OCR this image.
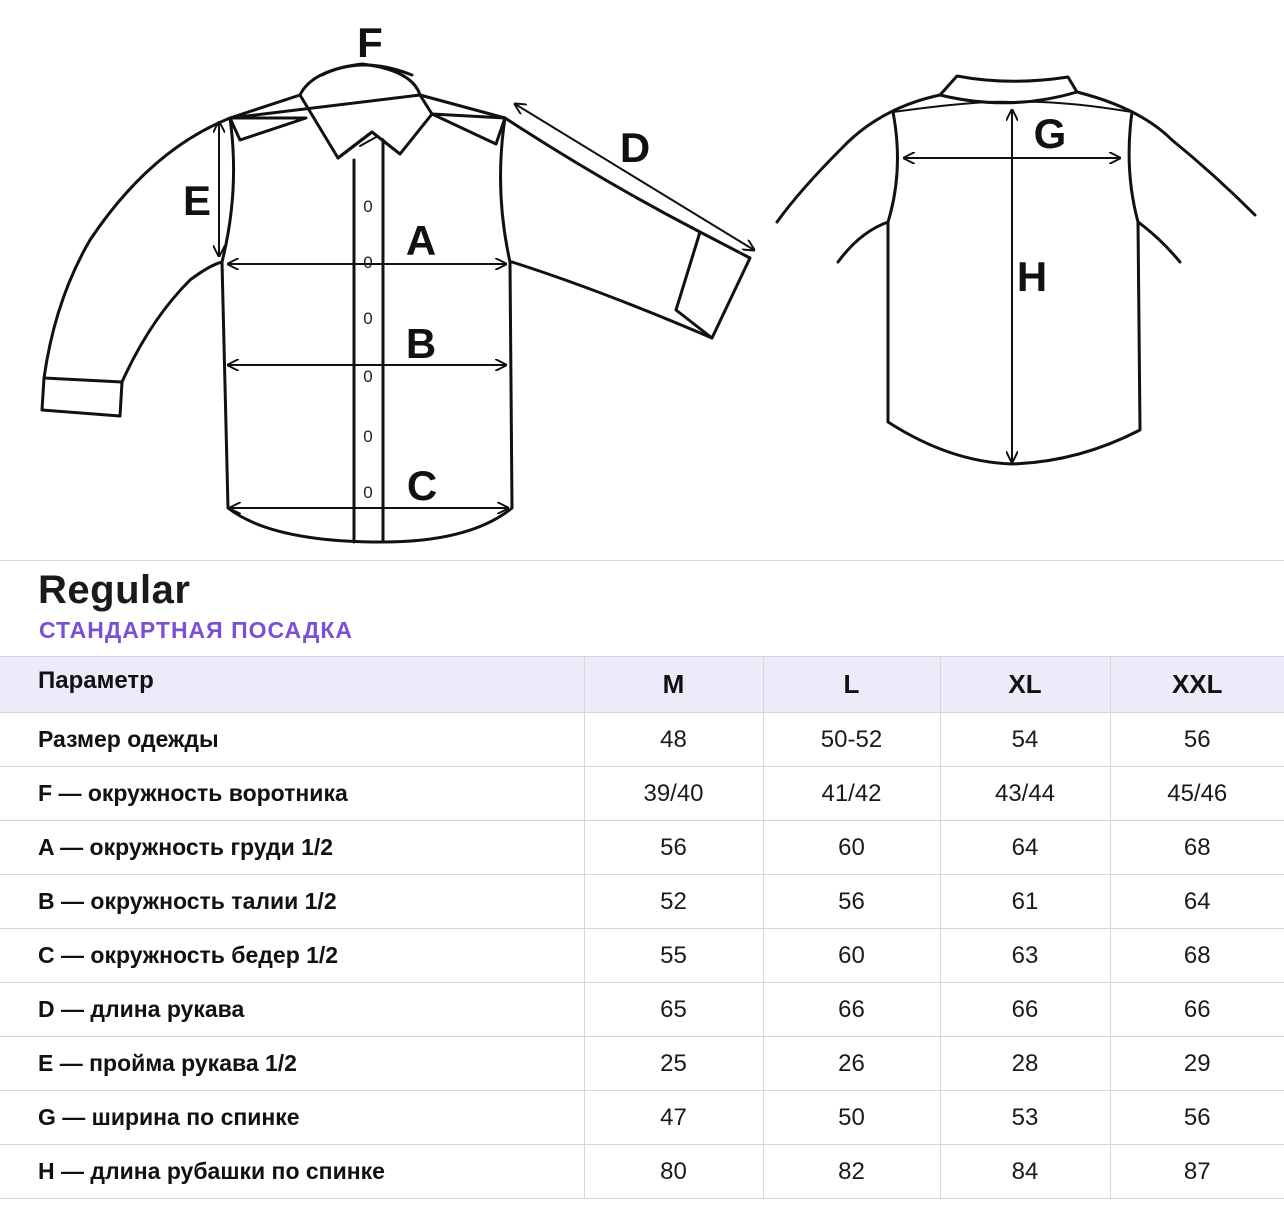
0
0
0
0
0
0
F
E
A
B
C
D	G
H
Regular
СТАНДАРТНАЯ ПОСАДКА
Параметр	M	L	XL	XXL
Размер одежды	48	50-52	54	56
F — окружность воротника	39/40	41/42	43/44	45/46
A — окружность груди 1/2	56	60	64	68
B — окружность талии 1/2	52	56	61	64
C — окружность бедер 1/2	55	60	63	68
D — длина рукава	65	66	66	66
E — пройма рукава 1/2	25	26	28	29
G — ширина по спинке	47	50	53	56
H — длина рубашки по спинке	80	82	84	87
